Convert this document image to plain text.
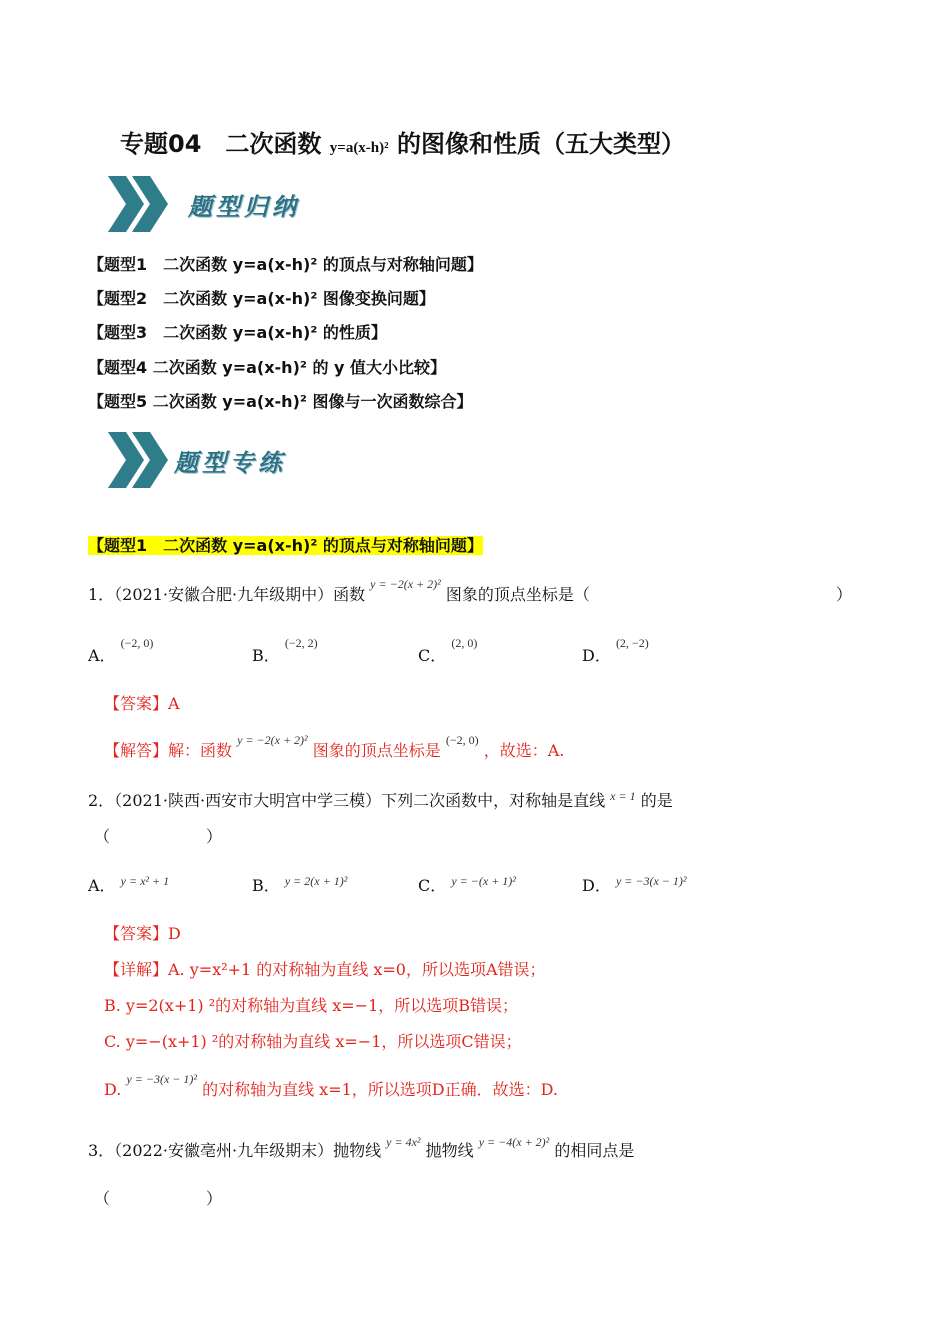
专题04　二次函数 y=a(x-h)² 的图像和性质（五大类型）
题型归纳
【题型1　二次函数 y=a(x-h)² 的顶点与对称轴问题】
【题型2　二次函数 y=a(x-h)² 图像变换问题】
【题型3　二次函数 y=a(x-h)² 的性质】
【题型4 二次函数 y=a(x-h)² 的 y 值大小比较】
【题型5 二次函数 y=a(x-h)² 图像与一次函数综合】
题型专练
【题型1　二次函数 y=a(x-h)² 的顶点与对称轴问题】
1．（2021·安徽合肥·九年级期中）函数 $^{y = -2(x + 2)^2}$ 图象的顶点坐标是（	）
A． $^{(-2, 0)}$
B． $^{(-2, 2)}$
C． $^{(2, 0)}$
D． $^{(2, -2)}$
【答案】A
【解答】解：函数 $^{y = -2(x + 2)^2}$ 图象的顶点坐标是 $^{(-2, 0)}$ ，故选：A.
2．（2021·陕西·西安市大明宫中学三模）下列二次函数中，对称轴是直线 $^{x = 1}$ 的是
（　　　　　　）
A． $^{y = x^2 + 1}$	B． $^{y = 2(x + 1)^2}$	C． $^{y = -(x + 1)^2}$	D． $^{y = -3(x - 1)^2}$
【答案】D
【详解】A. y=x²+1 的对称轴为直线 x=0，所以选项A错误；
B. y=2(x+1) ²的对称轴为直线 x=−1，所以选项B错误；
C. y=−(x+1) ²的对称轴为直线 x=−1，所以选项C错误；
D. $^{y = -3(x - 1)^2}$ 的对称轴为直线 x=1，所以选项D正确．故选：D.
3．（2022·安徽亳州·九年级期末）抛物线 $^{y = 4x^2}$ 抛物线 $^{y = -4(x + 2)^2}$ 的相同点是
（　　　　　　）
